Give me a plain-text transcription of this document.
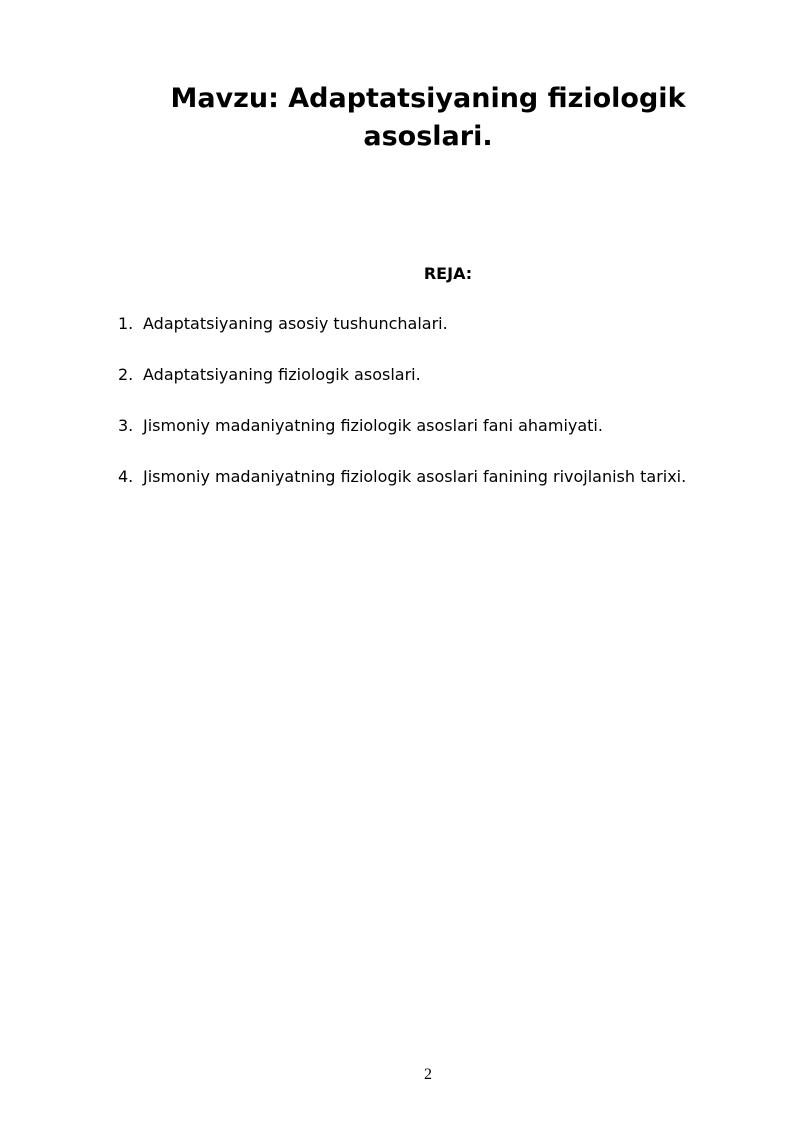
Mavzu: Adaptatsiyaning fiziologik
asoslari.
REJA:
1. Adaptatsiyaning asosiy tushunchalari.
2. Adaptatsiyaning fiziologik asoslari.
3. Jismoniy madaniyatning fiziologik asoslari fani ahamiyati.
4. Jismoniy madaniyatning fiziologik asoslari fanining rivojlanish tarixi.
2
